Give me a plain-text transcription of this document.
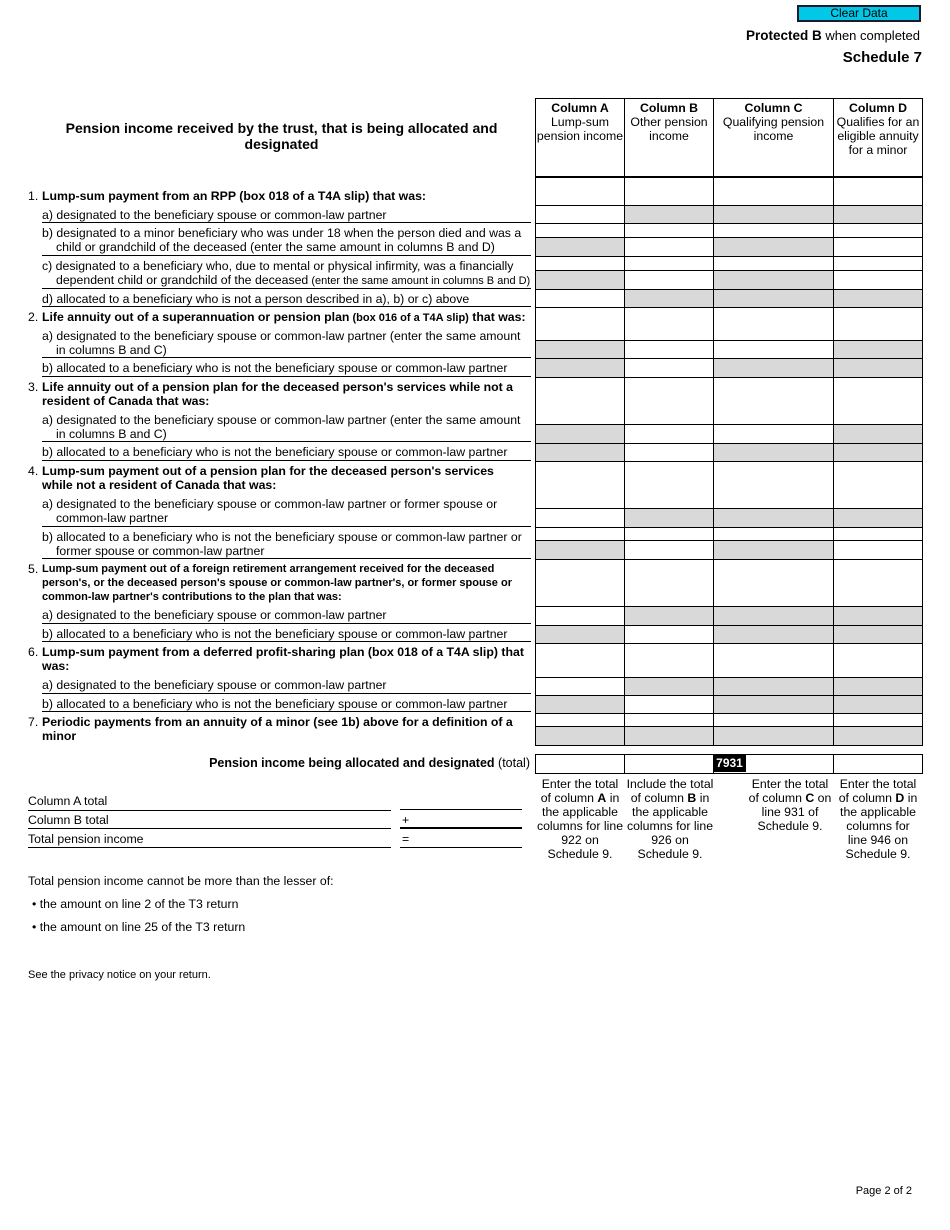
Clear Data
Protected B when completed
Schedule 7
Pension income received by the trust, that is being allocated and designated
Column A
Lump-sum pension income
Column B
Other pension income
Column C
Qualifying pension income
Column D
Qualifies for an eligible annuity for a minor
1. Lump-sum payment from an RPP (box 018 of a T4A slip) that was:
a) designated to the beneficiary spouse or common-law partner
b) designated to a minor beneficiary who was under 18 when the person died and was a child or grandchild of the deceased (enter the same amount in columns B and D)
c) designated to a beneficiary who, due to mental or physical infirmity, was a financially dependent child or grandchild of the deceased (enter the same amount in columns B and D)
d) allocated to a beneficiary who is not a person described in a), b) or c) above
2. Life annuity out of a superannuation or pension plan (box 016 of a T4A slip) that was:
a) designated to the beneficiary spouse or common-law partner (enter the same amount in columns B and C)
b) allocated to a beneficiary who is not the beneficiary spouse or common-law partner
3. Life annuity out of a pension plan for the deceased person's services while not a resident of Canada that was:
a) designated to the beneficiary spouse or common-law partner (enter the same amount in columns B and C)
b) allocated to a beneficiary who is not the beneficiary spouse or common-law partner
4. Lump-sum payment out of a pension plan for the deceased person's services while not a resident of Canada that was:
a) designated to the beneficiary spouse or common-law partner or former spouse or common-law partner
b) allocated to a beneficiary who is not the beneficiary spouse or common-law partner or former spouse or common-law partner
5. Lump-sum payment out of a foreign retirement arrangement received for the deceased person's, or the deceased person's spouse or common-law partner's, or former spouse or common-law partner's contributions to the plan that was:
a) designated to the beneficiary spouse or common-law partner
b) allocated to a beneficiary who is not the beneficiary spouse or common-law partner
6. Lump-sum payment from a deferred profit-sharing plan (box 018 of a T4A slip) that was:
a) designated to the beneficiary spouse or common-law partner
b) allocated to a beneficiary who is not the beneficiary spouse or common-law partner
7. Periodic payments from an annuity of a minor (see 1b) above for a definition of a minor
Pension income being allocated and designated (total)	7931
Enter the total of column A in the applicable columns for line 922 on Schedule 9.
Include the total of column B in the applicable columns for line 926 on Schedule 9.
Enter the total of column C on line 931 of Schedule 9.
Enter the total of column D in the applicable columns for line 946 on Schedule 9.
Column A total
Column B total	+
Total pension income	=
Total pension income cannot be more than the lesser of:
• the amount on line 2 of the T3 return
• the amount on line 25 of the T3 return
See the privacy notice on your return.
Page 2 of 2
